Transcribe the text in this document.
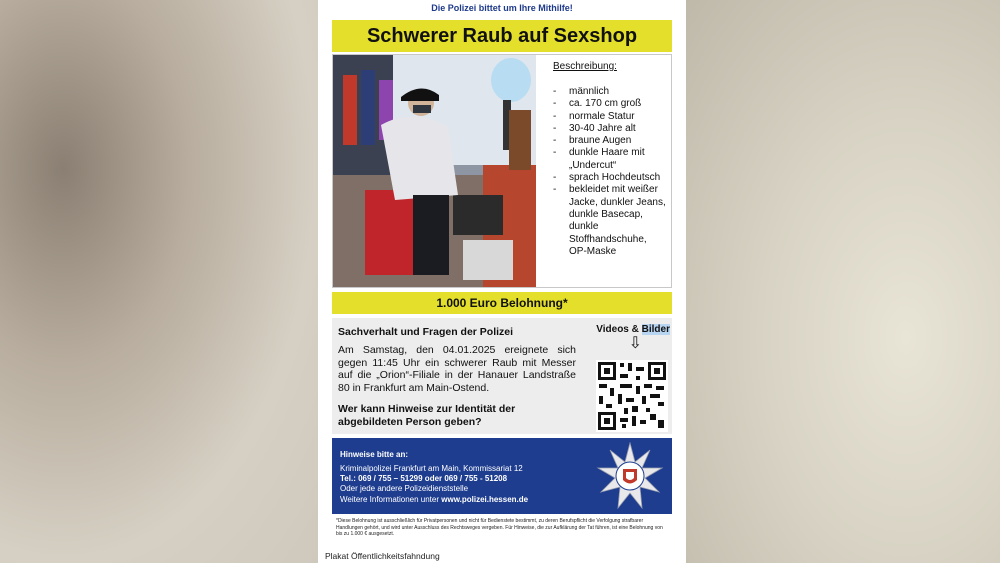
Die Polizei bittet um Ihre Mithilfe!
Schwerer Raub auf Sexshop
Beschreibung:
- männlich
- ca. 170 cm groß
- normale Statur
- 30-40 Jahre alt
- braune Augen
- dunkle Haare mit „Undercut“
- sprach Hochdeutsch
- bekleidet mit weißer Jacke, dunkler Jeans, dunkle Basecap, dunkle Stoffhandschuhe, OP-Maske
1.000 Euro Belohnung*
Sachverhalt und Fragen der Polizei
Am Samstag, den 04.01.2025 ereignete sich gegen 11:45 Uhr ein schwerer Raub mit Messer auf die „Orion“-Filiale in der Hanauer Landstraße 80 in Frankfurt am Main-Ostend.
Wer kann Hinweise zur Identität der abgebildeten Person geben?
Videos & Bilder
⇩
Hinweise bitte an:
Kriminalpolizei Frankfurt am Main, Kommissariat 12
Tel.: 069 / 755 – 51299 oder 069 / 755 - 51208
Oder jede andere Polizeidienststelle
Weitere Informationen unter www.polizei.hessen.de
*Diese Belohnung ist ausschließlich für Privatpersonen und nicht für Bedienstete bestimmt, zu deren Berufspflicht die Verfolgung strafbarer Handlungen gehört, und wird unter Ausschluss des Rechtsweges vergeben. Für Hinweise, die zur Aufklärung der Tat führen, ist eine Belohnung von bis zu 1.000 € ausgesetzt.
Plakat Öffentlichkeitsfahndung
